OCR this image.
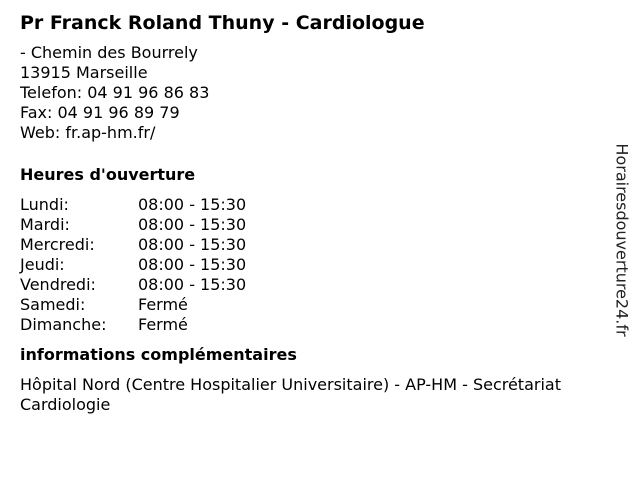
Pr Franck Roland Thuny - Cardiologue
- Chemin des Bourrely
13915 Marseille
Telefon: 04 91 96 86 83
Fax: 04 91 96 89 79
Web: fr.ap-hm.fr/
Heures d'ouverture
Lundi:	08:00 - 15:30
Mardi:	08:00 - 15:30
Mercredi:	08:00 - 15:30
Jeudi:	08:00 - 15:30
Vendredi:	08:00 - 15:30
Samedi:	Fermé
Dimanche:	Fermé
informations complémentaires
Hôpital Nord (Centre Hospitalier Universitaire) - AP-HM - Secrétariat Cardiologie
Horairesdouverture24.fr
